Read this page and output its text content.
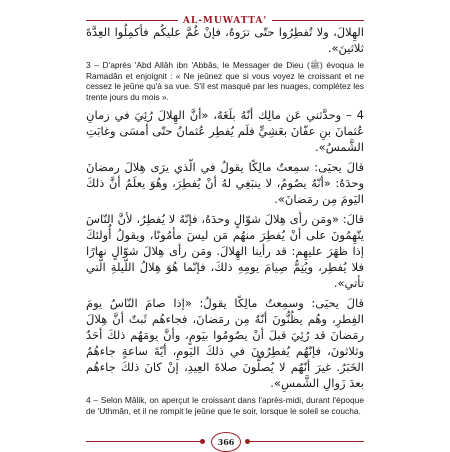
AL-MUWATTA'

الهِلالَ، ولا تُفطِرُوا حتّى ترَوهُ، فإنْ غُمَّ عليكُم فأكمِلُوا العِدَّةَ ثلاثينَ».

3 – D'après 'Abd Allâh ibn 'Abbâs, le Messager de Dieu (ﷺ) évoqua le Ramadân et enjoignit : « Ne jeûnez que si vous voyez le croissant et ne cessez le jeûne qu'à sa vue. S'il est masqué par les nuages, complétez les trente jours du mois ».

4 – وحدَّثني عَن مالِك أنّهُ بلَغَهُ، «أنَّ الهِلالَ رُئِيَ في زمانِ عُثمانَ بنِ عفّانَ بعَشِيٍّ فلَم يُفطِر عُثمانُ حتّى أمسَى وغابَتِ الشَّمسُ».

قالَ يحيَى: سمِعتُ مالِكًا يقولُ في الّذي يرَى هِلالَ رمضانَ وحدَهُ: «أنّهُ يصُومُ، لا ينبَغِي لهُ أنْ يُفطِرَ، وهُوَ يعلَمُ أنَّ ذلكَ اليَومَ مِن رمَضانَ».

قالَ: «ومَن رأى هِلالَ شوّالٍ وحدَهُ، فإنّهُ لا يُفطِرُ، لأنَّ النّاسَ يتّهِمُونَ على أنْ يُفطِرَ منهُم مَن ليسَ مأمُونًا، ويقولُ أُولئكَ إذا ظهَرَ عليهِم: قد رأينا الهِلالَ. ومَن رأى هِلالَ شوّالٍ نهارًا فلا يُفطِر، ويُتِمُّ صِيامَ يومِهِ ذلكَ، فإنّما هُوَ هِلالُ اللّيلةِ الّتي تأتي».

قالَ يحيَى: وسمِعتُ مالِكًا يقولُ: «إذا صامَ النّاسُ يومَ الفِطرِ، وهُم يظُنُّونَ أنّهُ مِن رمَضانَ، فجاءهُم ثَبتٌ أنَّ هِلالَ رمَضانَ قد رُئِيَ قبلَ أنْ يصُومُوا بيَومٍ، وأنَّ يومَهُم ذلكَ أحَدٌ وثلاثونَ، فإنّهُم يُفطِرُونَ في ذلكَ اليَومِ، أيّةَ ساعةٍ جاءهُمُ الخَبَرُ. غيرَ أنّهُم لا يُصلُّونَ صلاةَ العِيدِ، إنْ كانَ ذلكَ جاءهُم بعدَ زَوالِ الشَّمسِ».

4 – Selon Mâlik, on aperçut le croissant dans l'après-midi, durant l'époque de 'Uthmân, et il ne rompit le jeûne que le soir, lorsque le soleil se coucha.

366
